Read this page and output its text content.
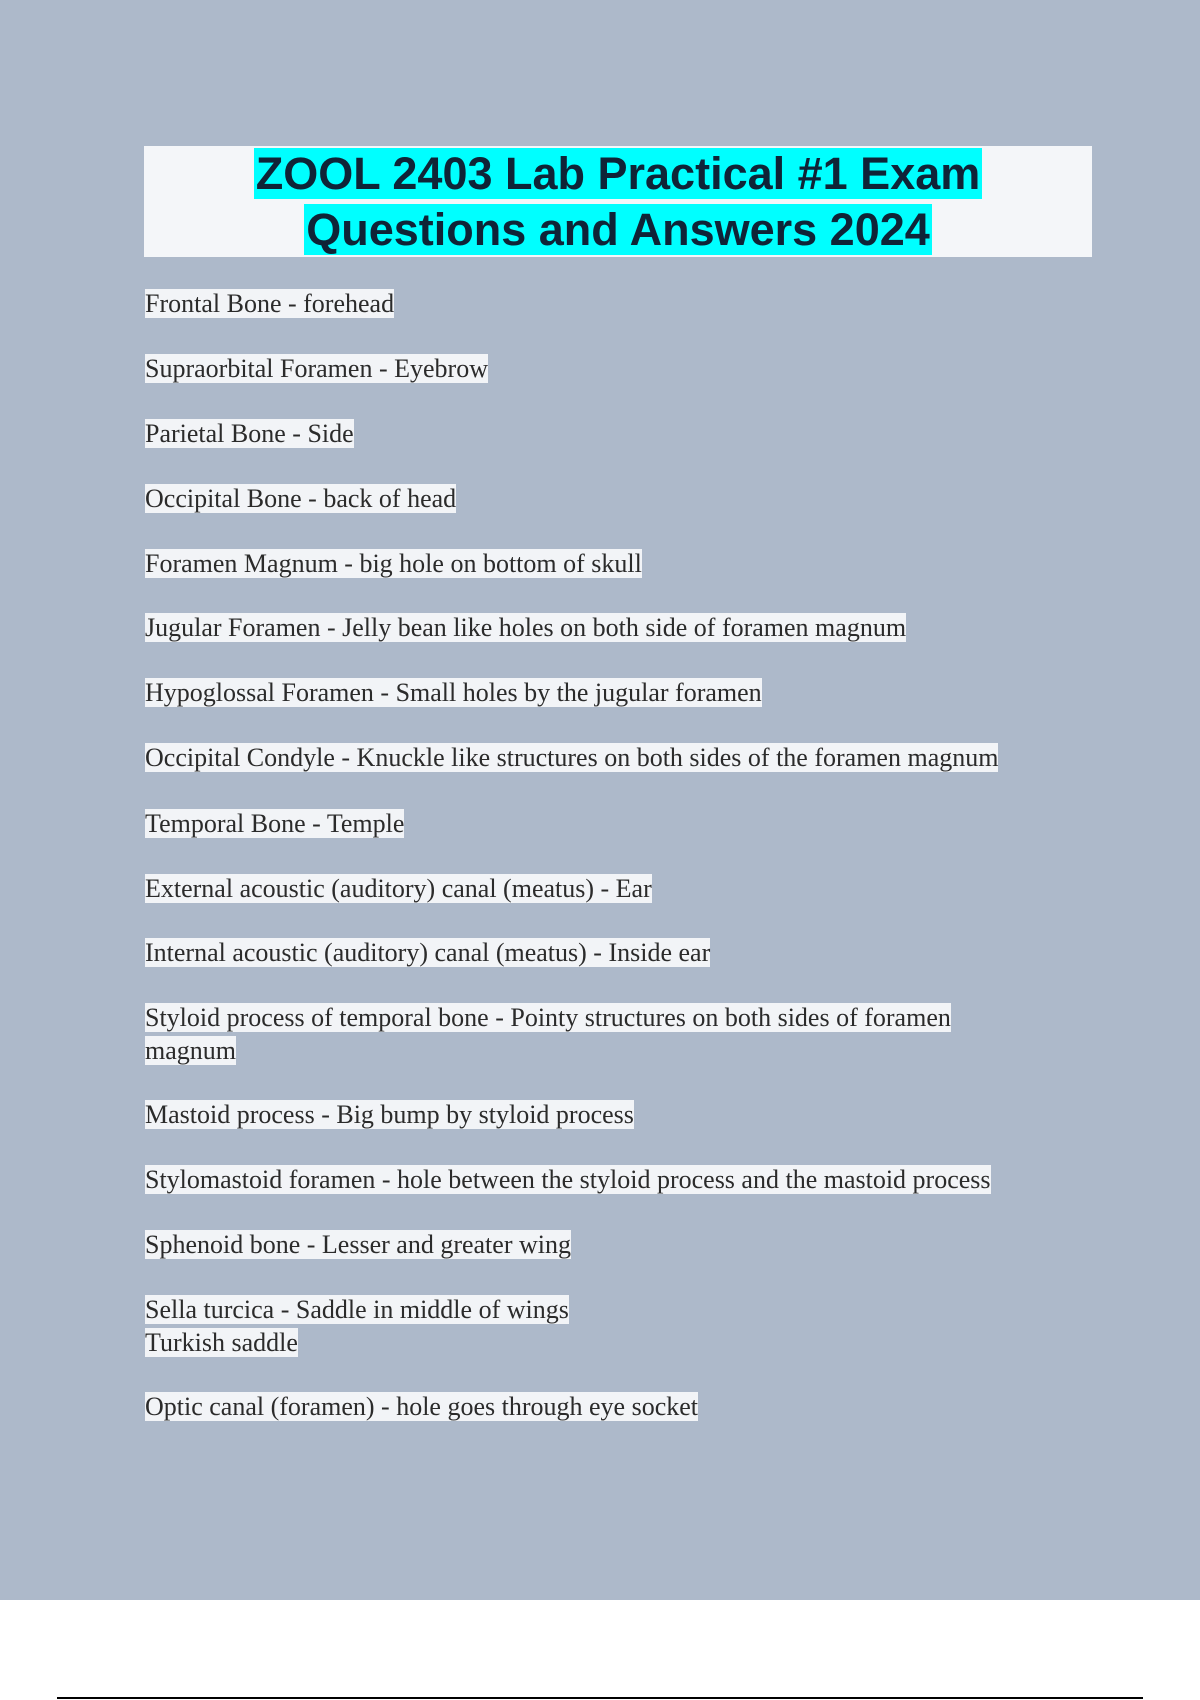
ZOOL 2403 Lab Practical #1 Exam
Questions and Answers 2024

Frontal Bone - forehead

Supraorbital Foramen - Eyebrow

Parietal Bone - Side

Occipital Bone - back of head

Foramen Magnum - big hole on bottom of skull

Jugular Foramen - Jelly bean like holes on both side of foramen magnum

Hypoglossal Foramen - Small holes by the jugular foramen

Occipital Condyle - Knuckle like structures on both sides of the foramen magnum

Temporal Bone - Temple

External acoustic (auditory) canal (meatus) - Ear

Internal acoustic (auditory) canal (meatus) - Inside ear

Styloid process of temporal bone - Pointy structures on both sides of foramen
magnum

Mastoid process - Big bump by styloid process

Stylomastoid foramen - hole between the styloid process and the mastoid process

Sphenoid bone - Lesser and greater wing

Sella turcica - Saddle in middle of wings
Turkish saddle

Optic canal (foramen) - hole goes through eye socket
